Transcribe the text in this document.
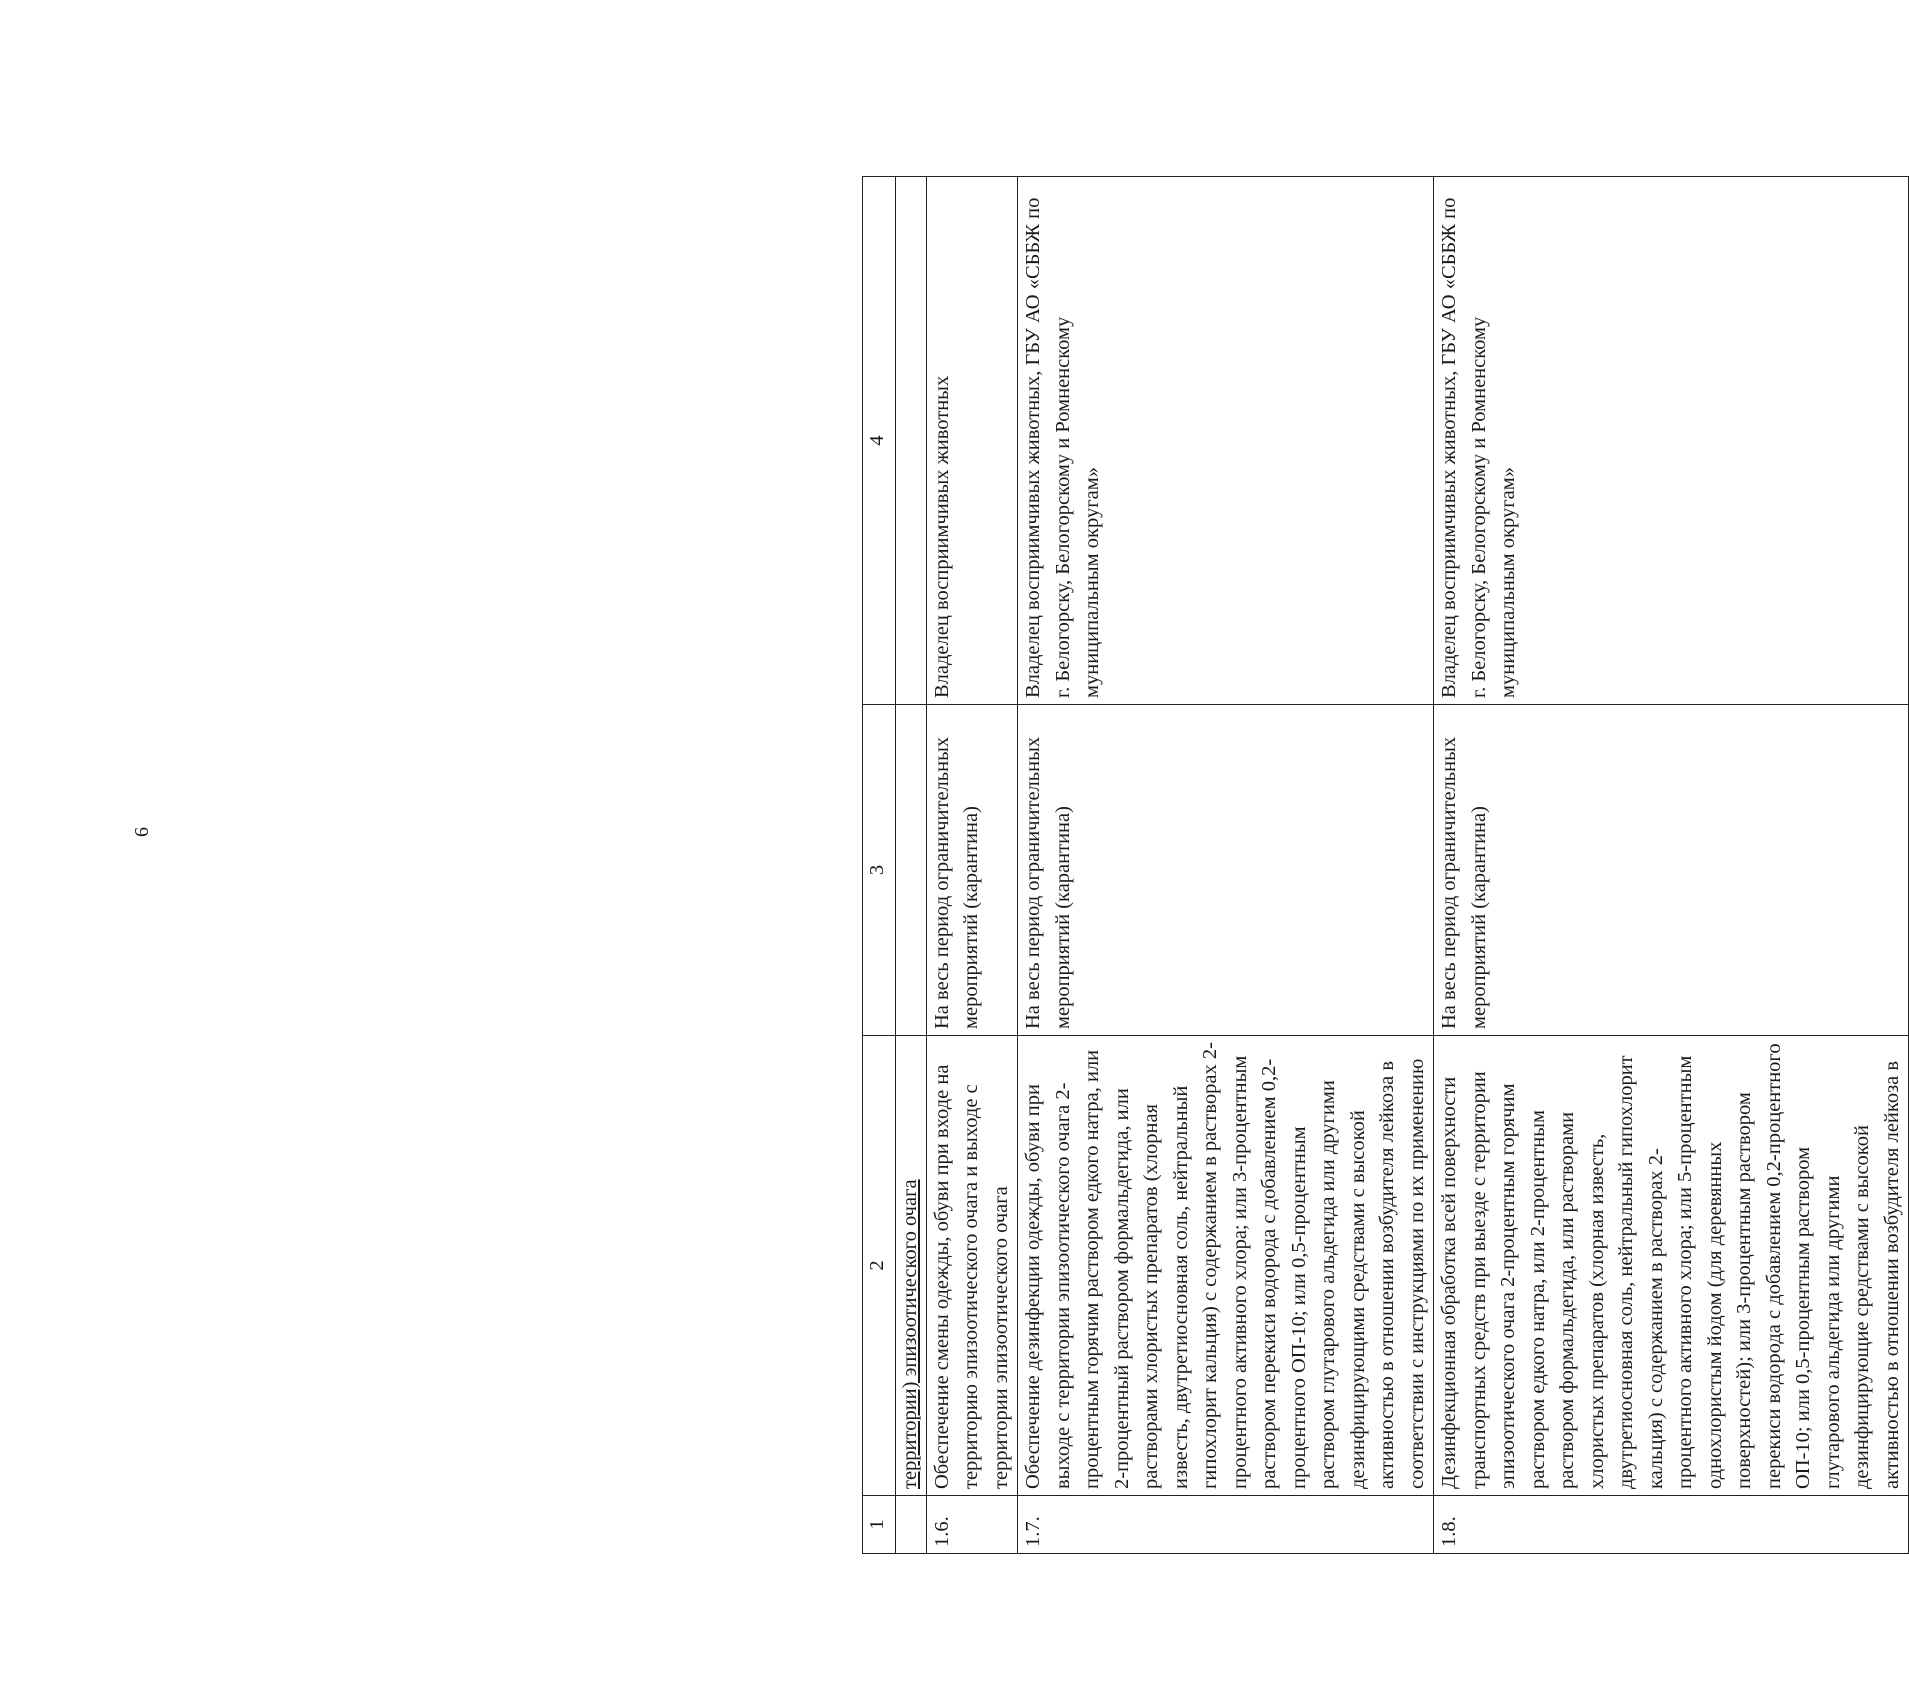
6
1	2	3	4
	территории) эпизоотического очага		
1.6.	Обеспечение смены одежды, обуви при входе на территорию эпизоотического очага и выходе с территории эпизоотического очага	На весь период ограничительных мероприятий (карантина)	Владелец восприимчивых животных
1.7.	Обеспечение дезинфекции одежды, обуви при выходе с территории эпизоотического очага 2-процентным горячим раствором едкого натра, или 2-процентный раствором формальдегида, или растворами хлористых препаратов (хлорная известь, двутретиосновная соль, нейтральный гипохлорит кальция) с содержанием в растворах 2-процентного активного хлора; или 3-процентным раствором перекиси водорода с добавлением 0,2-процентного ОП-10; или 0,5-процентным раствором глутарового альдегида или другими дезинфицирующими средствами с высокой активностью в отношении возбудителя лейкоза в соответствии с инструкциями по их применению	На весь период ограничительных мероприятий (карантина)	Владелец восприимчивых животных, ГБУ АО «СББЖ по г. Белогорску, Белогорскому и Ромненскому муниципальным округам»
1.8.	Дезинфекционная обработка всей поверхности транспортных средств при выезде с территории эпизоотического очага 2-процентным горячим раствором едкого натра, или 2-процентным раствором формальдегида, или растворами хлористых препаратов (хлорная известь, двутретиосновная соль, нейтральный гипохлорит кальция) с содержанием в растворах 2-процентного активного хлора; или 5-процентным однохлористым йодом (для деревянных поверхностей); или 3-процентным раствором перекиси водорода с добавлением 0,2-процентного ОП-10; или 0,5-процентным раствором глутарового альдегида или другими дезинфицирующие средствами с высокой активностью в отношении возбудителя лейкоза в	На весь период ограничительных мероприятий (карантина)	Владелец восприимчивых животных, ГБУ АО «СББЖ по г. Белогорску, Белогорскому и Ромненскому муниципальным округам»
